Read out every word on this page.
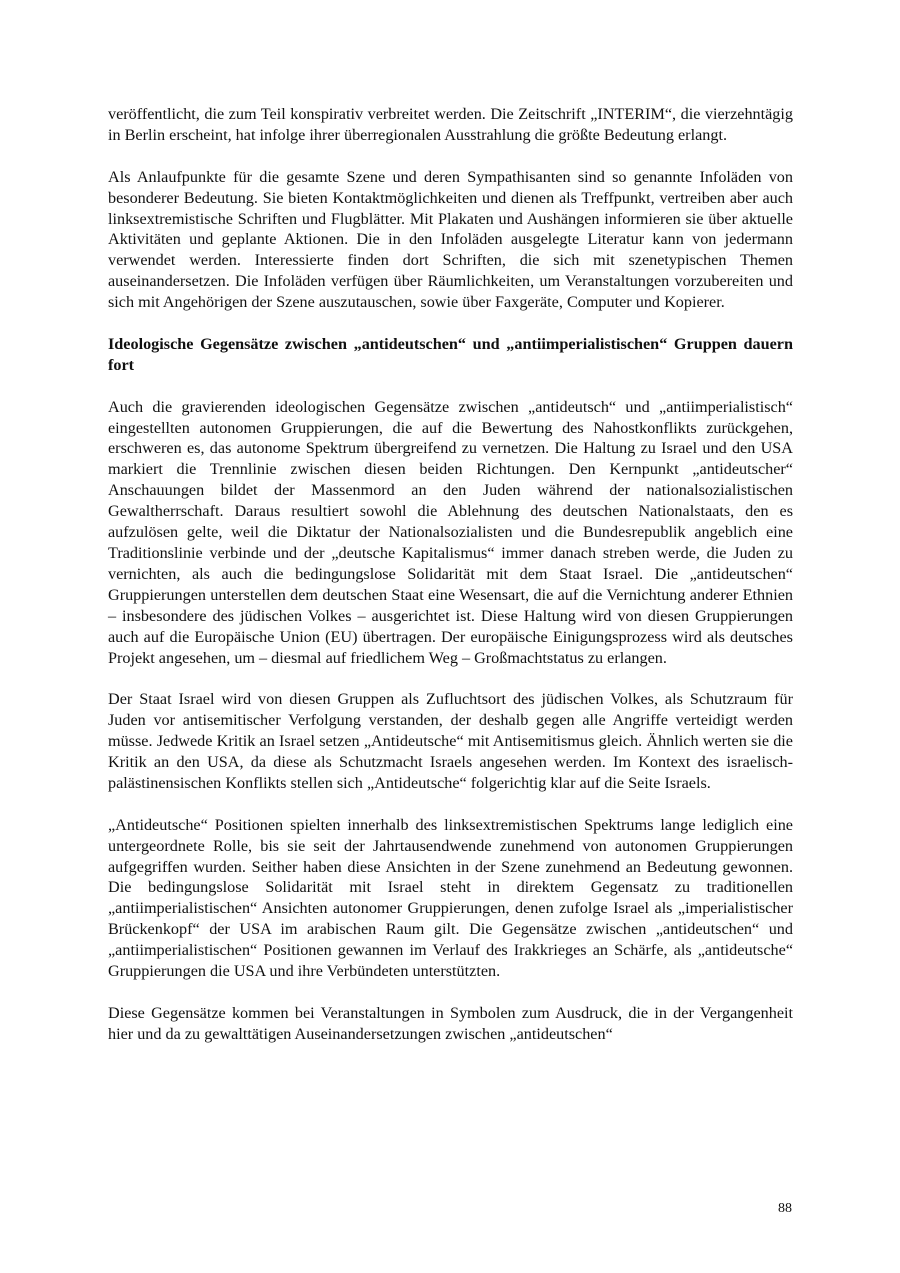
veröffentlicht, die zum Teil konspirativ verbreitet werden. Die Zeitschrift „INTERIM“, die vierzehntägig in Berlin erscheint, hat infolge ihrer überregionalen Ausstrahlung die größte Bedeutung erlangt.

Als Anlaufpunkte für die gesamte Szene und deren Sympathisanten sind so genannte Infoläden von besonderer Bedeutung. Sie bieten Kontaktmöglichkeiten und dienen als Treffpunkt, vertreiben aber auch linksextremistische Schriften und Flugblätter. Mit Plakaten und Aushängen informieren sie über aktuelle Aktivitäten und geplante Aktionen. Die in den Infoläden ausgelegte Literatur kann von jedermann verwendet werden. Interessierte finden dort Schriften, die sich mit szenetypischen Themen auseinandersetzen. Die Infoläden verfügen über Räumlichkeiten, um Veranstaltungen vorzubereiten und sich mit Angehörigen der Szene auszutauschen, sowie über Faxgeräte, Computer und Kopierer.

Ideologische Gegensätze zwischen „antideutschen“ und „antiimperialistischen“ Gruppen dauern fort

Auch die gravierenden ideologischen Gegensätze zwischen „antideutsch“ und „antiimperialistisch“ eingestellten autonomen Gruppierungen, die auf die Bewertung des Nahostkonflikts zurückgehen, erschweren es, das autonome Spektrum übergreifend zu vernetzen. Die Haltung zu Israel und den USA markiert die Trennlinie zwischen diesen beiden Richtungen. Den Kernpunkt „antideutscher“ Anschauungen bildet der Massenmord an den Juden während der nationalsozialistischen Gewaltherrschaft. Daraus resultiert sowohl die Ablehnung des deutschen Nationalstaats, den es aufzulösen gelte, weil die Diktatur der Nationalsozialisten und die Bundesrepublik angeblich eine Traditionslinie verbinde und der „deutsche Kapitalismus“ immer danach streben werde, die Juden zu vernichten, als auch die bedingungslose Solidarität mit dem Staat Israel. Die „antideutschen“ Gruppierungen unterstellen dem deutschen Staat eine Wesensart, die auf die Vernichtung anderer Ethnien – insbesondere des jüdischen Volkes – ausgerichtet ist. Diese Haltung wird von diesen Gruppierungen auch auf die Europäische Union (EU) übertragen. Der europäische Einigungsprozess wird als deutsches Projekt angesehen, um – diesmal auf friedlichem Weg – Großmachtstatus zu erlangen.

Der Staat Israel wird von diesen Gruppen als Zufluchtsort des jüdischen Volkes, als Schutzraum für Juden vor antisemitischer Verfolgung verstanden, der deshalb gegen alle Angriffe verteidigt werden müsse. Jedwede Kritik an Israel setzen „Antideutsche“ mit Antisemitismus gleich. Ähnlich werten sie die Kritik an den USA, da diese als Schutzmacht Israels angesehen werden. Im Kontext des israelisch-palästinensischen Konflikts stellen sich „Antideutsche“ folgerichtig klar auf die Seite Israels.

„Antideutsche“ Positionen spielten innerhalb des linksextremistischen Spektrums lange lediglich eine untergeordnete Rolle, bis sie seit der Jahrtausendwende zunehmend von autonomen Gruppierungen aufgegriffen wurden. Seither haben diese Ansichten in der Szene zunehmend an Bedeutung gewonnen. Die bedingungslose Solidarität mit Israel steht in direktem Gegensatz zu traditionellen „antiimperialistischen“ Ansichten autonomer Gruppierungen, denen zufolge Israel als „imperialistischer Brückenkopf“ der USA im arabischen Raum gilt. Die Gegensätze zwischen „antideutschen“ und „antiimperialistischen“ Positionen gewannen im Verlauf des Irakkrieges an Schärfe, als „antideutsche“ Gruppierungen die USA und ihre Verbündeten unterstützten.

Diese Gegensätze kommen bei Veranstaltungen in Symbolen zum Ausdruck, die in der Vergangenheit hier und da zu gewalttätigen Auseinandersetzungen zwischen „antideutschen“

88
